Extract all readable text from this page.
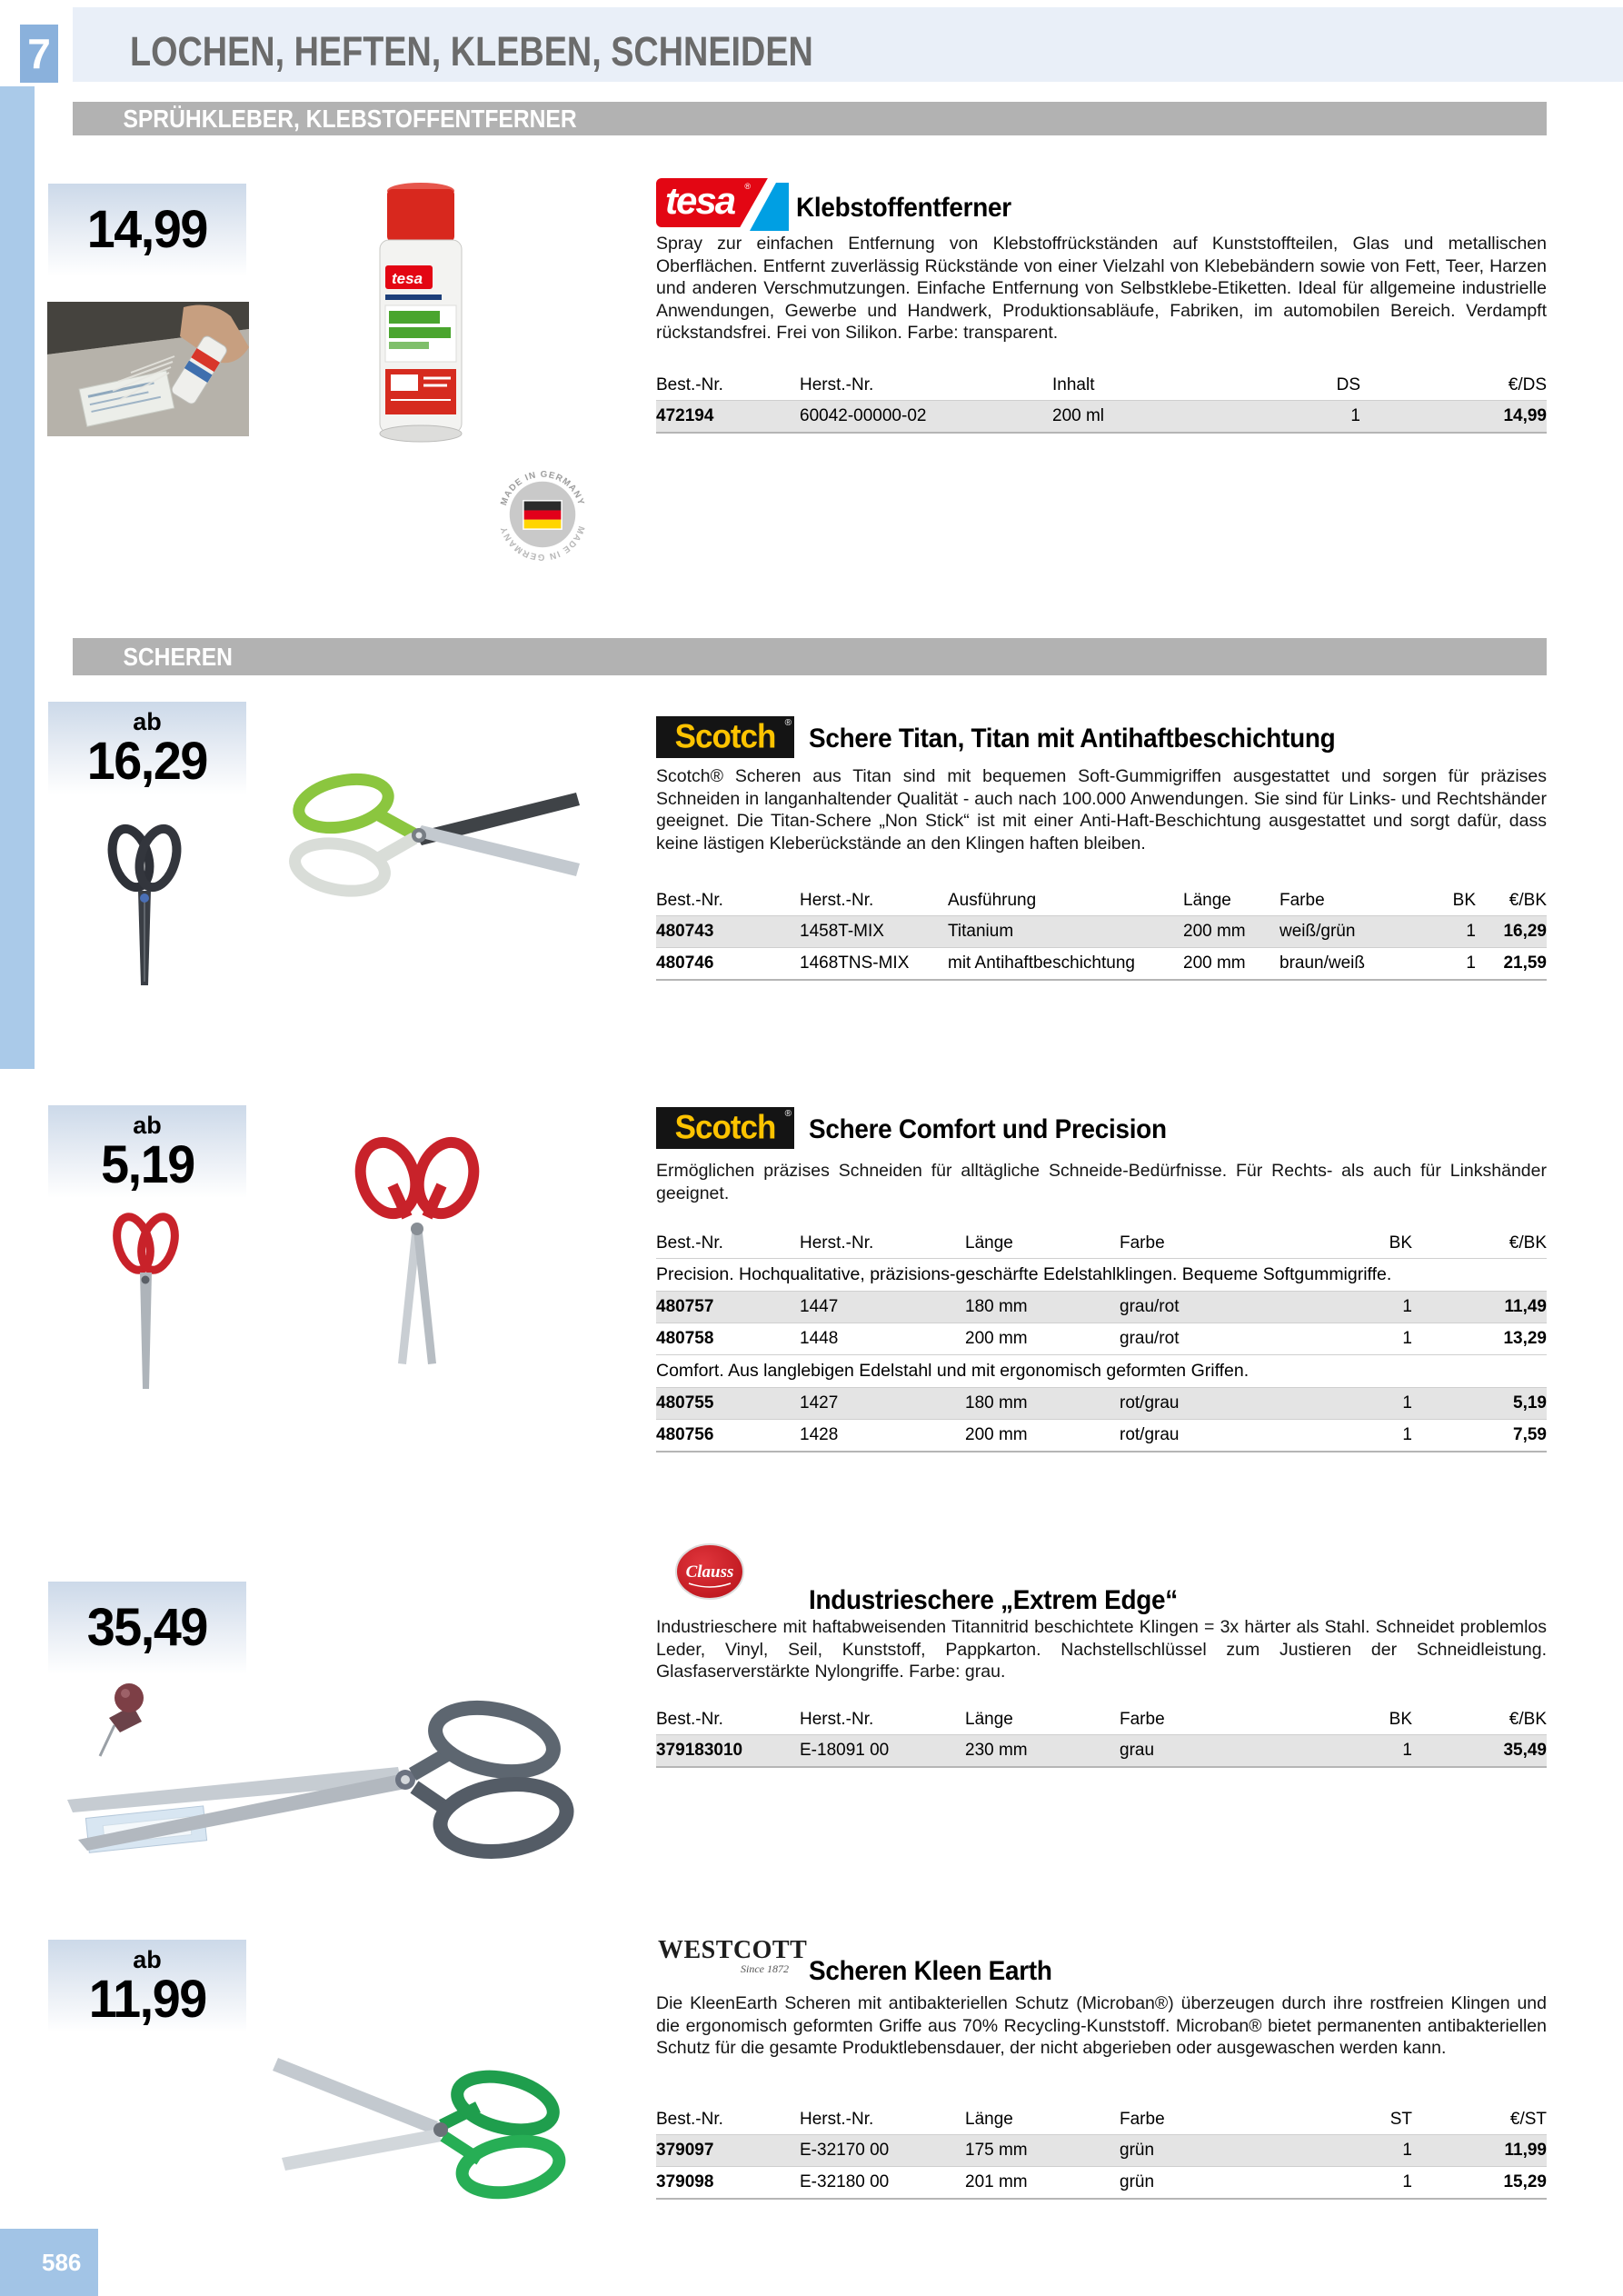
7 LOCHEN, HEFTEN, KLEBEN, SCHNEIDEN
SPRÜHKLEBER, KLEBSTOFFENTFERNER
14,99
tesa
MADE IN GERMANY
MADE IN GERMANY
tesa ®
Klebstoffentferner
Spray zur einfachen Entfernung von Klebstoffrückständen auf Kunststoffteilen, Glas und metallischen Oberflächen. Entfernt zuverlässig Rückstände von einer Vielzahl von Klebebändern sowie von Fett, Teer, Harzen und anderen Verschmutzungen. Einfache Entfernung von Selbstklebe-Etiketten. Ideal für allgemeine industrielle Anwendungen, Gewerbe und Handwerk, Produktionsabläufe, Fabriken, im automobilen Bereich. Verdampft rückstandsfrei. Frei von Silikon. Farbe: transparent.
Best.-Nr.	Herst.-Nr.	Inhalt	DS	€/DS
472194	60042-00000-02	200 ml	1	14,99
SCHEREN
ab
16,29	Scotch ®
Schere Titan, Titan mit Antihaftbeschichtung
Scotch® Scheren aus Titan sind mit bequemen Soft-Gummigriffen ausgestattet und sorgen für präzises Schneiden in langanhaltender Qualität - auch nach 100.000 Anwendungen. Sie sind für Links- und Rechtshänder geeignet. Die Titan-Schere „Non Stick“ ist mit einer Anti-Haft-Beschichtung ausgestattet und sorgt dafür, dass keine lästigen Kleberückstände an den Klingen haften bleiben.
Best.-Nr.	Herst.-Nr.	Ausführung	Länge	Farbe	BK	€/BK
480743	1458T-MIX	Titanium	200 mm	weiß/grün	1	16,29
480746	1468TNS-MIX	mit Antihaftbeschichtung	200 mm	braun/weiß	1	21,59
ab
5,19
Scotch ®
Schere Comfort und Precision
Ermöglichen präzises Schneiden für alltägliche Schneide-Bedürfnisse. Für Rechts- als auch für Linkshänder geeignet.
Best.-Nr.	Herst.-Nr.	Länge	Farbe	BK	€/BK
Precision. Hochqualitative, präzisions-geschärfte Edelstahlklingen. Bequeme Softgummigriffe.
480757	1447	180 mm	grau/rot	1	11,49
480758	1448	200 mm	grau/rot	1	13,29
Comfort. Aus langlebigen Edelstahl und mit ergonomisch geformten Griffen.
480755	1427	180 mm	rot/grau	1	5,19
480756	1428	200 mm	rot/grau	1	7,59
35,49
Clauss
Industrieschere „Extrem Edge“
Industrieschere mit haftabweisenden Titannitrid beschichtete Klingen = 3x härter als Stahl. Schneidet problemlos Leder, Vinyl, Seil, Kunststoff, Pappkarton. Nachstellschlüssel zum Justieren der Schneidleistung. Glasfaserverstärkte Nylongriffe. Farbe: grau.
Best.-Nr.	Herst.-Nr.	Länge	Farbe	BK	€/BK
379183010	E-18091 00	230 mm	grau	1	35,49
ab
11,99
WESTCOTT
Since 1872 Scheren Kleen Earth
Die KleenEarth Scheren mit antibakteriellen Schutz (Microban®) überzeugen durch ihre rostfreien Klingen und die ergonomisch geformten Griffe aus 70% Recycling-Kunststoff. Microban® bietet permanenten antibakteriellen Schutz für die gesamte Produktlebensdauer, der nicht abgerieben oder ausgewaschen werden kann.
Best.-Nr.	Herst.-Nr.	Länge	Farbe	ST	€/ST
379097	E-32170 00	175 mm	grün	1	11,99
379098	E-32180 00	201 mm	grün	1	15,29
586
